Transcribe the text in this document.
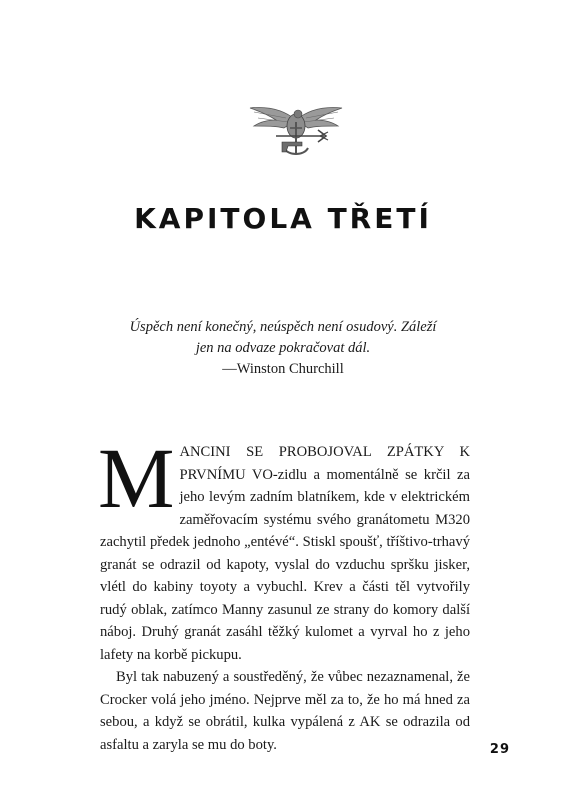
KAPITOLA TŘETÍ
Úspěch není konečný, neúspěch není osudový. Záleží
jen na odvaze pokračovat dál.
—Winston Churchill

MANCINI SE PROBOJOVAL ZPÁTKY K PRVNÍMU VO-zidlu a momentálně se krčil za jeho levým zadním blatníkem, kde v elektrickém zaměřovacím systému svého granátometu M320 zachytil předek jednoho „entévé“. Stiskl spoušť, tříštivo-trhavý granát se odrazil od kapoty, vyslal do vzduchu spršku jisker, vlétl do kabiny toyoty a vybuchl. Krev a části těl vytvořily rudý oblak, zatímco Manny zasunul ze strany do komory další náboj. Druhý granát zasáhl těžký kulomet a vyrval ho z jeho lafety na korbě pickupu.

Byl tak nabuzený a soustředěný, že vůbec nezaznamenal, že Crocker volá jeho jméno. Nejprve měl za to, že ho má hned za sebou, a když se obrátil, kulka vypálená z AK se odrazila od asfaltu a zaryla se mu do boty.	29
